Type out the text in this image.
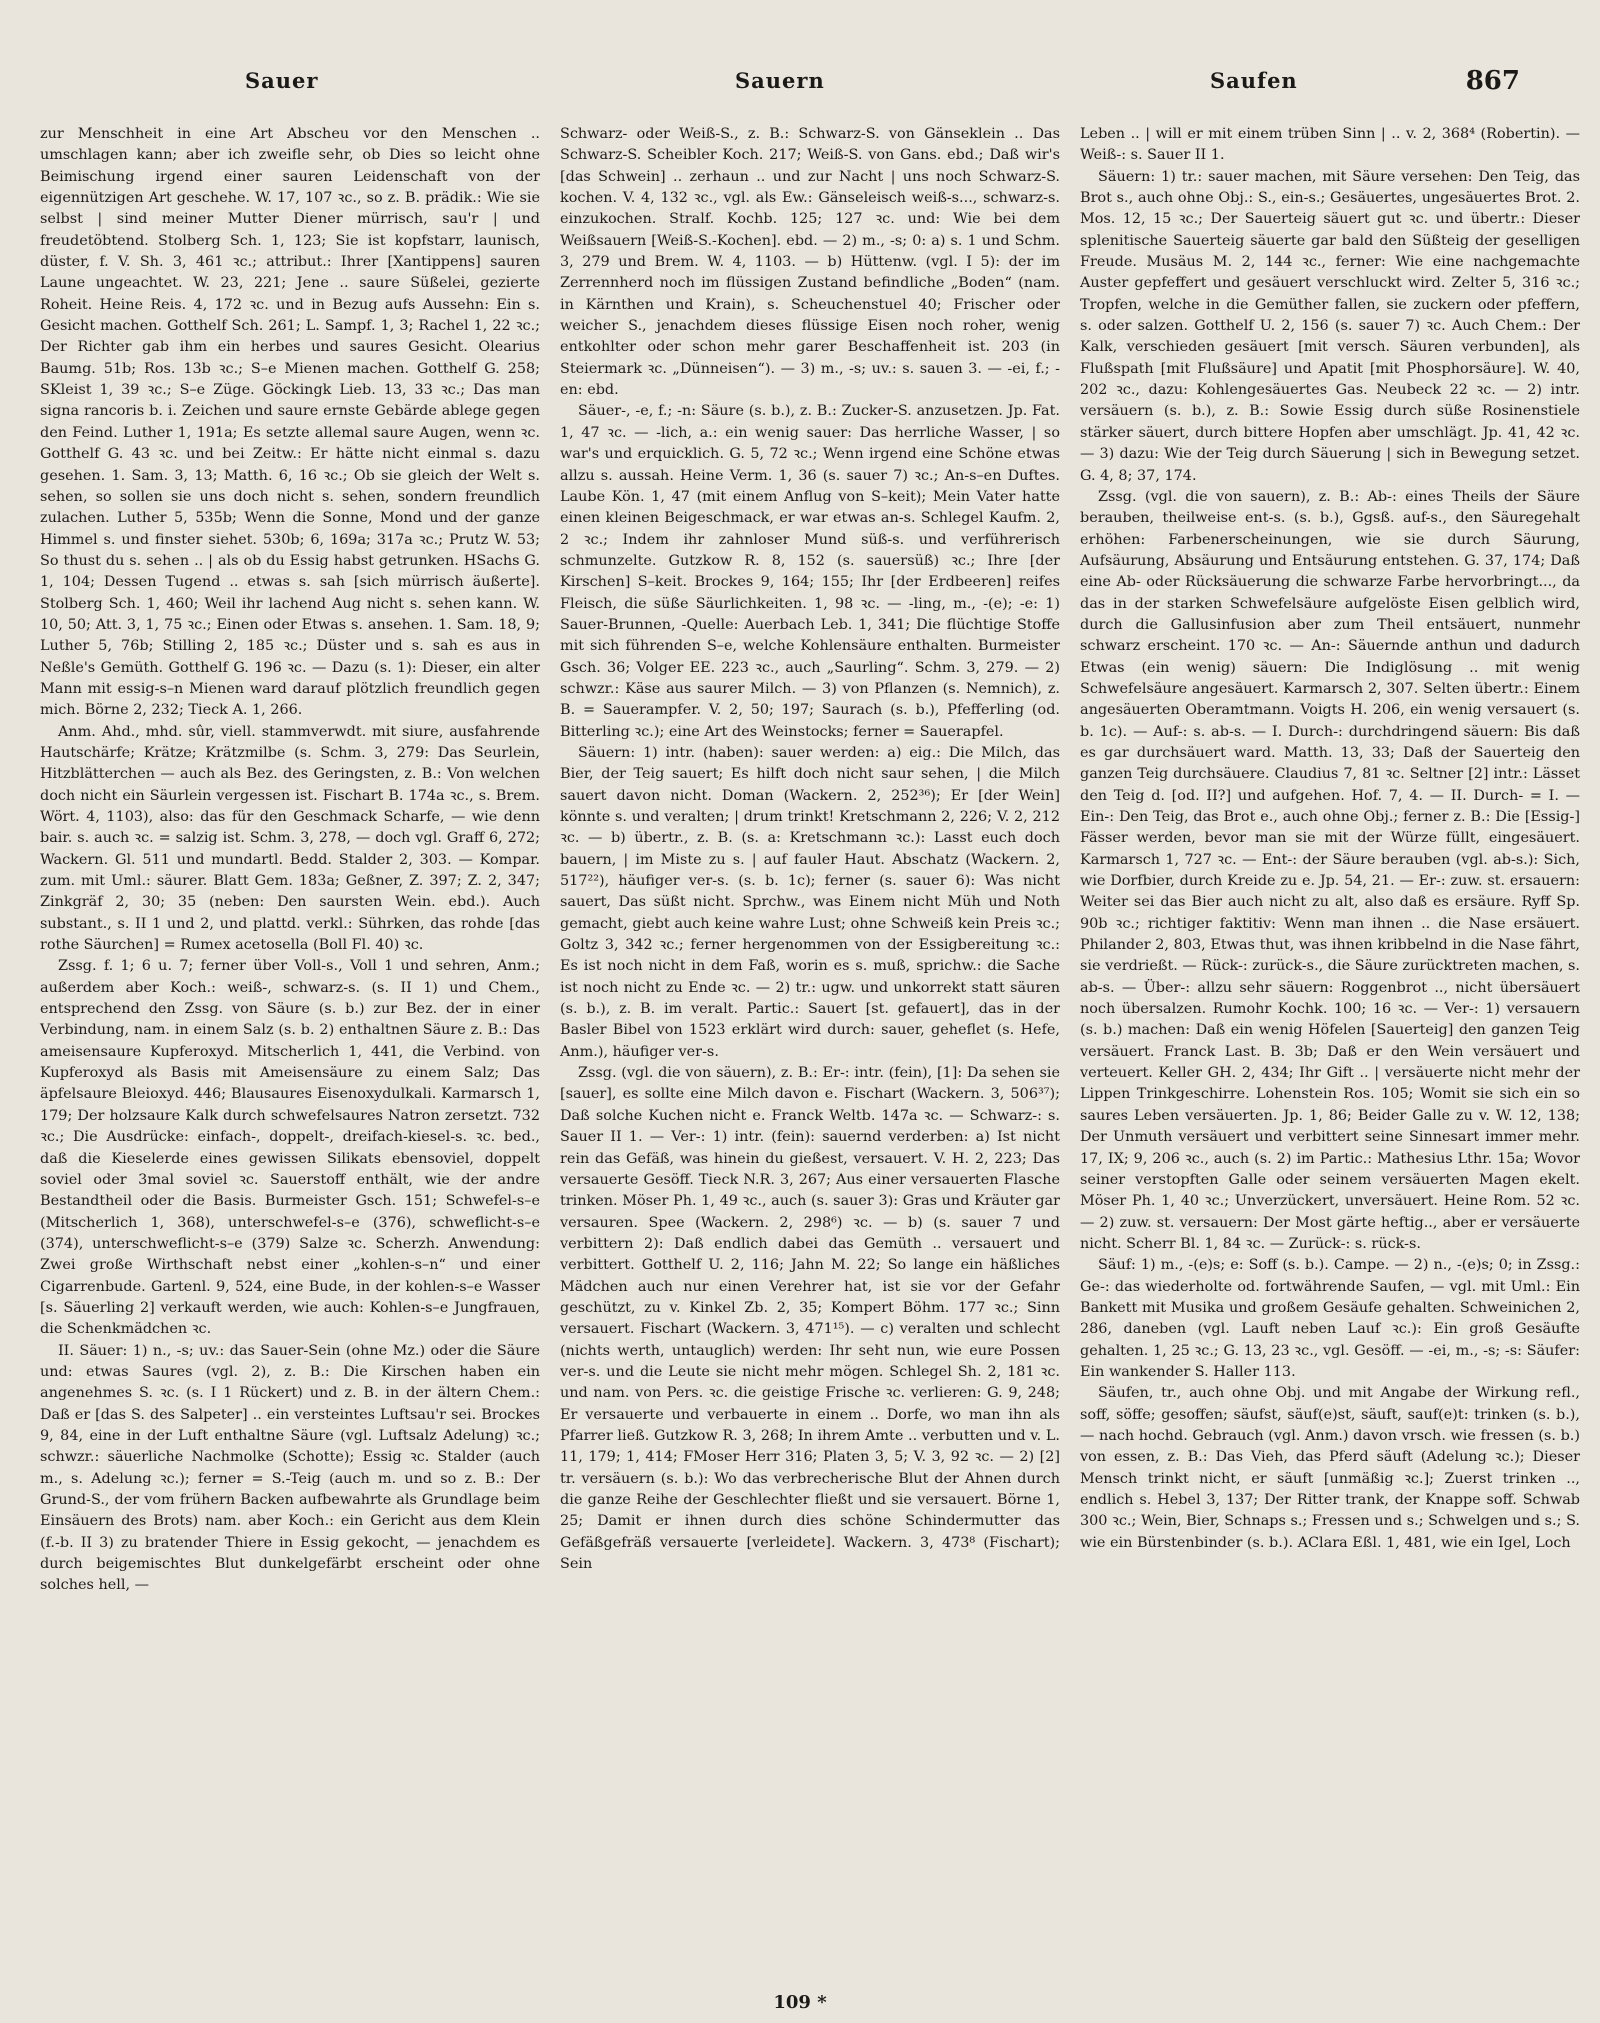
Sauer	Sauern	Saufen	867

zur Menschheit in eine Art Abscheu vor den Menschen .. umschlagen kann; aber ich zweifle sehr, ob Dies so leicht ohne Beimischung irgend einer sauren Leidenschaft von der eigennützigen Art geschehe. W. 17, 107 ꝛc., so z. B. prädik.: Wie sie selbst | sind meiner Mutter Diener mürrisch, sau'r | und freudetöbtend. Stolberg Sch. 1, 123; Sie ist kopfstarr, launisch, düster, f. V. Sh. 3, 461 ꝛc.; attribut.: Ihrer [Xantippens] sauren Laune ungeachtet. W. 23, 221; Jene .. saure Süßelei, gezierte Roheit. Heine Reis. 4, 172 ꝛc. und in Bezug aufs Aussehn: Ein s. Gesicht machen. Gotthelf Sch. 261; L. Sampf. 1, 3; Rachel 1, 22 ꝛc.; Der Richter gab ihm ein herbes und saures Gesicht. Olearius Baumg. 51b; Ros. 13b ꝛc.; S–e Mienen machen. Gotthelf G. 258; SKleist 1, 39 ꝛc.; S–e Züge. Göckingk Lieb. 13, 33 ꝛc.; Das man signa rancoris b. i. Zeichen und saure ernste Gebärde ablege gegen den Feind. Luther 1, 191a; Es setzte allemal saure Augen, wenn ꝛc. Gotthelf G. 43 ꝛc. und bei Zeitw.: Er hätte nicht einmal s. dazu gesehen. 1. Sam. 3, 13; Matth. 6, 16 ꝛc.; Ob sie gleich der Welt s. sehen, so sollen sie uns doch nicht s. sehen, sondern freundlich zulachen. Luther 5, 535b; Wenn die Sonne, Mond und der ganze Himmel s. und finster siehet. 530b; 6, 169a; 317a ꝛc.; Prutz W. 53; So thust du s. sehen .. | als ob du Essig habst getrunken. HSachs G. 1, 104; Dessen Tugend .. etwas s. sah [sich mürrisch äußerte]. Stolberg Sch. 1, 460; Weil ihr lachend Aug nicht s. sehen kann. W. 10, 50; Att. 3, 1, 75 ꝛc.; Einen oder Etwas s. ansehen. 1. Sam. 18, 9; Luther 5, 76b; Stilling 2, 185 ꝛc.; Düster und s. sah es aus in Neßle's Gemüth. Gotthelf G. 196 ꝛc. — Dazu (s. 1): Dieser, ein alter Mann mit essig-s–n Mienen ward darauf plötzlich freundlich gegen mich. Börne 2, 232; Tieck A. 1, 266.

Anm. Ahd., mhd. sûr, viell. stammverwdt. mit siure, ausfahrende Hautschärfe; Krätze; Krätzmilbe (s. Schm. 3, 279: Das Seurlein, Hitzblätterchen — auch als Bez. des Geringsten, z. B.: Von welchen doch nicht ein Säurlein vergessen ist. Fischart B. 174a ꝛc., s. Brem. Wört. 4, 1103), also: das für den Geschmack Scharfe, — wie denn bair. s. auch ꝛc. = salzig ist. Schm. 3, 278, — doch vgl. Graff 6, 272; Wackern. Gl. 511 und mundartl. Bedd. Stalder 2, 303. — Kompar. zum. mit Uml.: säurer. Blatt Gem. 183a; Geßner, Z. 397; Z. 2, 347; Zinkgräf 2, 30; 35 (neben: Den saursten Wein. ebd.). Auch substant., s. II 1 und 2, und plattd. verkl.: Sührken, das rohde [das rothe Säurchen] = Rumex acetosella (Boll Fl. 40) ꝛc.

Zssg. f. 1; 6 u. 7; ferner über Voll-s., Voll 1 und sehren, Anm.; außerdem aber Koch.: weiß-, schwarz-s. (s. II 1) und Chem., entsprechend den Zssg. von Säure (s. b.) zur Bez. der in einer Verbindung, nam. in einem Salz (s. b. 2) enthaltnen Säure z. B.: Das ameisensaure Kupferoxyd. Mitscherlich 1, 441, die Verbind. von Kupferoxyd als Basis mit Ameisensäure zu einem Salz; Das äpfelsaure Bleioxyd. 446; Blausaures Eisenoxydulkali. Karmarsch 1, 179; Der holzsaure Kalk durch schwefelsaures Natron zersetzt. 732 ꝛc.; Die Ausdrücke: einfach-, doppelt-, dreifach-kiesel-s. ꝛc. bed., daß die Kieselerde eines gewissen Silikats ebensoviel, doppelt soviel oder 3mal soviel ꝛc. Sauerstoff enthält, wie der andre Bestandtheil oder die Basis. Burmeister Gsch. 151; Schwefel-s–e (Mitscherlich 1, 368), unterschwefel-s–e (376), schweflicht-s–e (374), unterschweflicht-s–e (379) Salze ꝛc. Scherzh. Anwendung: Zwei große Wirthschaft nebst einer „kohlen-s–n“ und einer Cigarrenbude. Gartenl. 9, 524, eine Bude, in der kohlen-s–e Wasser [s. Säuerling 2] verkauft werden, wie auch: Kohlen-s–e Jungfrauen, die Schenkmädchen ꝛc.

II. Säuer: 1) n., -s; uv.: das Sauer-Sein (ohne Mz.) oder die Säure und: etwas Saures (vgl. 2), z. B.: Die Kirschen haben ein angenehmes S. ꝛc. (s. I 1 Rückert) und z. B. in der ältern Chem.: Daß er [das S. des Salpeter] .. ein versteintes Luftsau'r sei. Brockes 9, 84, eine in der Luft enthaltne Säure (vgl. Luftsalz Adelung) ꝛc.; schwzr.: säuerliche Nachmolke (Schotte); Essig ꝛc. Stalder (auch m., s. Adelung ꝛc.); ferner = S.-Teig (auch m. und so z. B.: Der Grund-S., der vom frühern Backen aufbewahrte als Grundlage beim Einsäuern des Brots) nam. aber Koch.: ein Gericht aus dem Klein (f.-b. II 3) zu bratender Thiere in Essig gekocht, — jenachdem es durch beigemischtes Blut dunkelgefärbt erscheint oder ohne solches hell, —

Schwarz- oder Weiß-S., z. B.: Schwarz-S. von Gänseklein .. Das Schwarz-S. Scheibler Koch. 217; Weiß-S. von Gans. ebd.; Daß wir's [das Schwein] .. zerhaun .. und zur Nacht | uns noch Schwarz-S. kochen. V. 4, 132 ꝛc., vgl. als Ew.: Gänseleisch weiß-s..., schwarz-s. einzukochen. Stralf. Kochb. 125; 127 ꝛc. und: Wie bei dem Weißsauern [Weiß-S.-Kochen]. ebd. — 2) m., -s; 0: a) s. 1 und Schm. 3, 279 und Brem. W. 4, 1103. — b) Hüttenw. (vgl. I 5): der im Zerrennherd noch im flüssigen Zustand befindliche „Boden“ (nam. in Kärnthen und Krain), s. Scheuchenstuel 40; Frischer oder weicher S., jenachdem dieses flüssige Eisen noch roher, wenig entkohlter oder schon mehr garer Beschaffenheit ist. 203 (in Steiermark ꝛc. „Dünneisen“). — 3) m., -s; uv.: s. sauen 3. — -ei, f.; -en: ebd.

Säuer-, -e, f.; -n: Säure (s. b.), z. B.: Zucker-S. anzusetzen. Jp. Fat. 1, 47 ꝛc. — -lich, a.: ein wenig sauer: Das herrliche Wasser, | so war's und erquicklich. G. 5, 72 ꝛc.; Wenn irgend eine Schöne etwas allzu s. aussah. Heine Verm. 1, 36 (s. sauer 7) ꝛc.; An-s–en Duftes. Laube Kön. 1, 47 (mit einem Anflug von S–keit); Mein Vater hatte einen kleinen Beigeschmack, er war etwas an-s. Schlegel Kaufm. 2, 2 ꝛc.; Indem ihr zahnloser Mund süß-s. und verführerisch schmunzelte. Gutzkow R. 8, 152 (s. sauersüß) ꝛc.; Ihre [der Kirschen] S–keit. Brockes 9, 164; 155; Ihr [der Erdbeeren] reifes Fleisch, die süße Säurlichkeiten. 1, 98 ꝛc. — -ling, m., -(e); -e: 1) Sauer-Brunnen, -Quelle: Auerbach Leb. 1, 341; Die flüchtige Stoffe mit sich führenden S–e, welche Kohlensäure enthalten. Burmeister Gsch. 36; Volger EE. 223 ꝛc., auch „Saurling“. Schm. 3, 279. — 2) schwzr.: Käse aus saurer Milch. — 3) von Pflanzen (s. Nemnich), z. B. = Sauerampfer. V. 2, 50; 197; Saurach (s. b.), Pfefferling (od. Bitterling ꝛc.); eine Art des Weinstocks; ferner = Sauerapfel.

Säuern: 1) intr. (haben): sauer werden: a) eig.: Die Milch, das Bier, der Teig sauert; Es hilft doch nicht saur sehen, | die Milch sauert davon nicht. Doman (Wackern. 2, 252³⁶); Er [der Wein] könnte s. und veralten; | drum trinkt! Kretschmann 2, 226; V. 2, 212 ꝛc. — b) übertr., z. B. (s. a: Kretschmann ꝛc.): Lasst euch doch bauern, | im Miste zu s. | auf fauler Haut. Abschatz (Wackern. 2, 517²²), häufiger ver-s. (s. b. 1c); ferner (s. sauer 6): Was nicht sauert, Das süßt nicht. Sprchw., was Einem nicht Müh und Noth gemacht, giebt auch keine wahre Lust; ohne Schweiß kein Preis ꝛc.; Goltz 3, 342 ꝛc.; ferner hergenommen von der Essigbereitung ꝛc.: Es ist noch nicht in dem Faß, worin es s. muß, sprichw.: die Sache ist noch nicht zu Ende ꝛc. — 2) tr.: ugw. und unkorrekt statt säuren (s. b.), z. B. im veralt. Partic.: Sauert [st. gefauert], das in der Basler Bibel von 1523 erklärt wird durch: sauer, geheflet (s. Hefe, Anm.), häufiger ver-s.

Zssg. (vgl. die von säuern), z. B.: Er-: intr. (fein), [1]: Da sehen sie [sauer], es sollte eine Milch davon e. Fischart (Wackern. 3, 506³⁷); Daß solche Kuchen nicht e. Franck Weltb. 147a ꝛc. — Schwarz-: s. Sauer II 1. — Ver-: 1) intr. (fein): sauernd verderben: a) Ist nicht rein das Gefäß, was hinein du gießest, versauert. V. H. 2, 223; Das versauerte Gesöff. Tieck N.R. 3, 267; Aus einer versauerten Flasche trinken. Möser Ph. 1, 49 ꝛc., auch (s. sauer 3): Gras und Kräuter gar versauren. Spee (Wackern. 2, 298⁶) ꝛc. — b) (s. sauer 7 und verbittern 2): Daß endlich dabei das Gemüth .. versauert und verbittert. Gotthelf U. 2, 116; Jahn M. 22; So lange ein häßliches Mädchen auch nur einen Verehrer hat, ist sie vor der Gefahr geschützt, zu v. Kinkel Zb. 2, 35; Kompert Böhm. 177 ꝛc.; Sinn versauert. Fischart (Wackern. 3, 471¹⁵). — c) veralten und schlecht (nichts werth, untauglich) werden: Ihr seht nun, wie eure Possen ver-s. und die Leute sie nicht mehr mögen. Schlegel Sh. 2, 181 ꝛc. und nam. von Pers. ꝛc. die geistige Frische ꝛc. verlieren: G. 9, 248; Er versauerte und verbauerte in einem .. Dorfe, wo man ihn als Pfarrer ließ. Gutzkow R. 3, 268; In ihrem Amte .. verbutten und v. L. 11, 179; 1, 414; FMoser Herr 316; Platen 3, 5; V. 3, 92 ꝛc. — 2) [2] tr. versäuern (s. b.): Wo das verbrecherische Blut der Ahnen durch die ganze Reihe der Geschlechter fließt und sie versauert. Börne 1, 25; Damit er ihnen durch dies schöne Schindermutter das Gefäßgefräß versauerte [verleidete]. Wackern. 3, 473⁸ (Fischart); Sein

Leben .. | will er mit einem trüben Sinn | .. v. 2, 368⁴ (Robertin). — Weiß-: s. Sauer II 1.

Säuern: 1) tr.: sauer machen, mit Säure versehen: Den Teig, das Brot s., auch ohne Obj.: S., ein-s.; Gesäuertes, ungesäuertes Brot. 2. Mos. 12, 15 ꝛc.; Der Sauerteig säuert gut ꝛc. und übertr.: Dieser splenitische Sauerteig säuerte gar bald den Süßteig der geselligen Freude. Musäus M. 2, 144 ꝛc., ferner: Wie eine nachgemachte Auster gepfeffert und gesäuert verschluckt wird. Zelter 5, 316 ꝛc.; Tropfen, welche in die Gemüther fallen, sie zuckern oder pfeffern, s. oder salzen. Gotthelf U. 2, 156 (s. sauer 7) ꝛc. Auch Chem.: Der Kalk, verschieden gesäuert [mit versch. Säuren verbunden], als Flußspath [mit Flußsäure] und Apatit [mit Phosphorsäure]. W. 40, 202 ꝛc., dazu: Kohlengesäuertes Gas. Neubeck 22 ꝛc. — 2) intr. versäuern (s. b.), z. B.: Sowie Essig durch süße Rosinenstiele stärker säuert, durch bittere Hopfen aber umschlägt. Jp. 41, 42 ꝛc. — 3) dazu: Wie der Teig durch Säuerung | sich in Bewegung setzet. G. 4, 8; 37, 174.

Zssg. (vgl. die von sauern), z. B.: Ab-: eines Theils der Säure berauben, theilweise ent-s. (s. b.), Ggsß. auf-s., den Säuregehalt erhöhen: Farbenerscheinungen, wie sie durch Säurung, Aufsäurung, Absäurung und Entsäurung entstehen. G. 37, 174; Daß eine Ab- oder Rücksäuerung die schwarze Farbe hervorbringt..., da das in der starken Schwefelsäure aufgelöste Eisen gelblich wird, durch die Gallusinfusion aber zum Theil entsäuert, nunmehr schwarz erscheint. 170 ꝛc. — An-: Säuernde anthun und dadurch Etwas (ein wenig) säuern: Die Indiglösung .. mit wenig Schwefelsäure angesäuert. Karmarsch 2, 307. Selten übertr.: Einem angesäuerten Oberamtmann. Voigts H. 206, ein wenig versauert (s. b. 1c). — Auf-: s. ab-s. — I. Durch-: durchdringend säuern: Bis daß es gar durchsäuert ward. Matth. 13, 33; Daß der Sauerteig den ganzen Teig durchsäuere. Claudius 7, 81 ꝛc. Seltner [2] intr.: Lässet den Teig d. [od. II?] und aufgehen. Hof. 7, 4. — II. Durch- = I. — Ein-: Den Teig, das Brot e., auch ohne Obj.; ferner z. B.: Die [Essig-] Fässer werden, bevor man sie mit der Würze füllt, eingesäuert. Karmarsch 1, 727 ꝛc. — Ent-: der Säure berauben (vgl. ab-s.): Sich, wie Dorfbier, durch Kreide zu e. Jp. 54, 21. — Er-: zuw. st. ersauern: Weiter sei das Bier auch nicht zu alt, also daß es ersäure. Ryff Sp. 90b ꝛc.; richtiger faktitiv: Wenn man ihnen .. die Nase ersäuert. Philander 2, 803, Etwas thut, was ihnen kribbelnd in die Nase fährt, sie verdrießt. — Rück-: zurück-s., die Säure zurücktreten machen, s. ab-s. — Über-: allzu sehr säuern: Roggenbrot .., nicht übersäuert noch übersalzen. Rumohr Kochk. 100; 16 ꝛc. — Ver-: 1) versauern (s. b.) machen: Daß ein wenig Höfelen [Sauerteig] den ganzen Teig versäuert. Franck Last. B. 3b; Daß er den Wein versäuert und verteuert. Keller GH. 2, 434; Ihr Gift .. | versäuerte nicht mehr der Lippen Trinkgeschirre. Lohenstein Ros. 105; Womit sie sich ein so saures Leben versäuerten. Jp. 1, 86; Beider Galle zu v. W. 12, 138; Der Unmuth versäuert und verbittert seine Sinnesart immer mehr. 17, IX; 9, 206 ꝛc., auch (s. 2) im Partic.: Mathesius Lthr. 15a; Wovor seiner verstopften Galle oder seinem versäuerten Magen ekelt. Möser Ph. 1, 40 ꝛc.; Unverzückert, unversäuert. Heine Rom. 52 ꝛc. — 2) zuw. st. versauern: Der Most gärte heftig.., aber er versäuerte nicht. Scherr Bl. 1, 84 ꝛc. — Zurück-: s. rück-s.

Säuf: 1) m., -(e)s; e: Soff (s. b.). Campe. — 2) n., -(e)s; 0; in Zssg.: Ge-: das wiederholte od. fortwährende Saufen, — vgl. mit Uml.: Ein Bankett mit Musika und großem Gesäufe gehalten. Schweinichen 2, 286, daneben (vgl. Lauft neben Lauf ꝛc.): Ein groß Gesäufte gehalten. 1, 25 ꝛc.; G. 13, 23 ꝛc., vgl. Gesöff. — -ei, m., -s; -s: Säufer: Ein wankender S. Haller 113.

Säufen, tr., auch ohne Obj. und mit Angabe der Wirkung refl., soff, söffe; gesoffen; säufst, säuf(e)st, säuft, sauf(e)t: trinken (s. b.), — nach hochd. Gebrauch (vgl. Anm.) davon vrsch. wie fressen (s. b.) von essen, z. B.: Das Vieh, das Pferd säuft (Adelung ꝛc.); Dieser Mensch trinkt nicht, er säuft [unmäßig ꝛc.]; Zuerst trinken .., endlich s. Hebel 3, 137; Der Ritter trank, der Knappe soff. Schwab 300 ꝛc.; Wein, Bier, Schnaps s.; Fressen und s.; Schwelgen und s.; S. wie ein Bürstenbinder (s. b.). AClara Eßl. 1, 481, wie ein Igel, Loch

109 *
